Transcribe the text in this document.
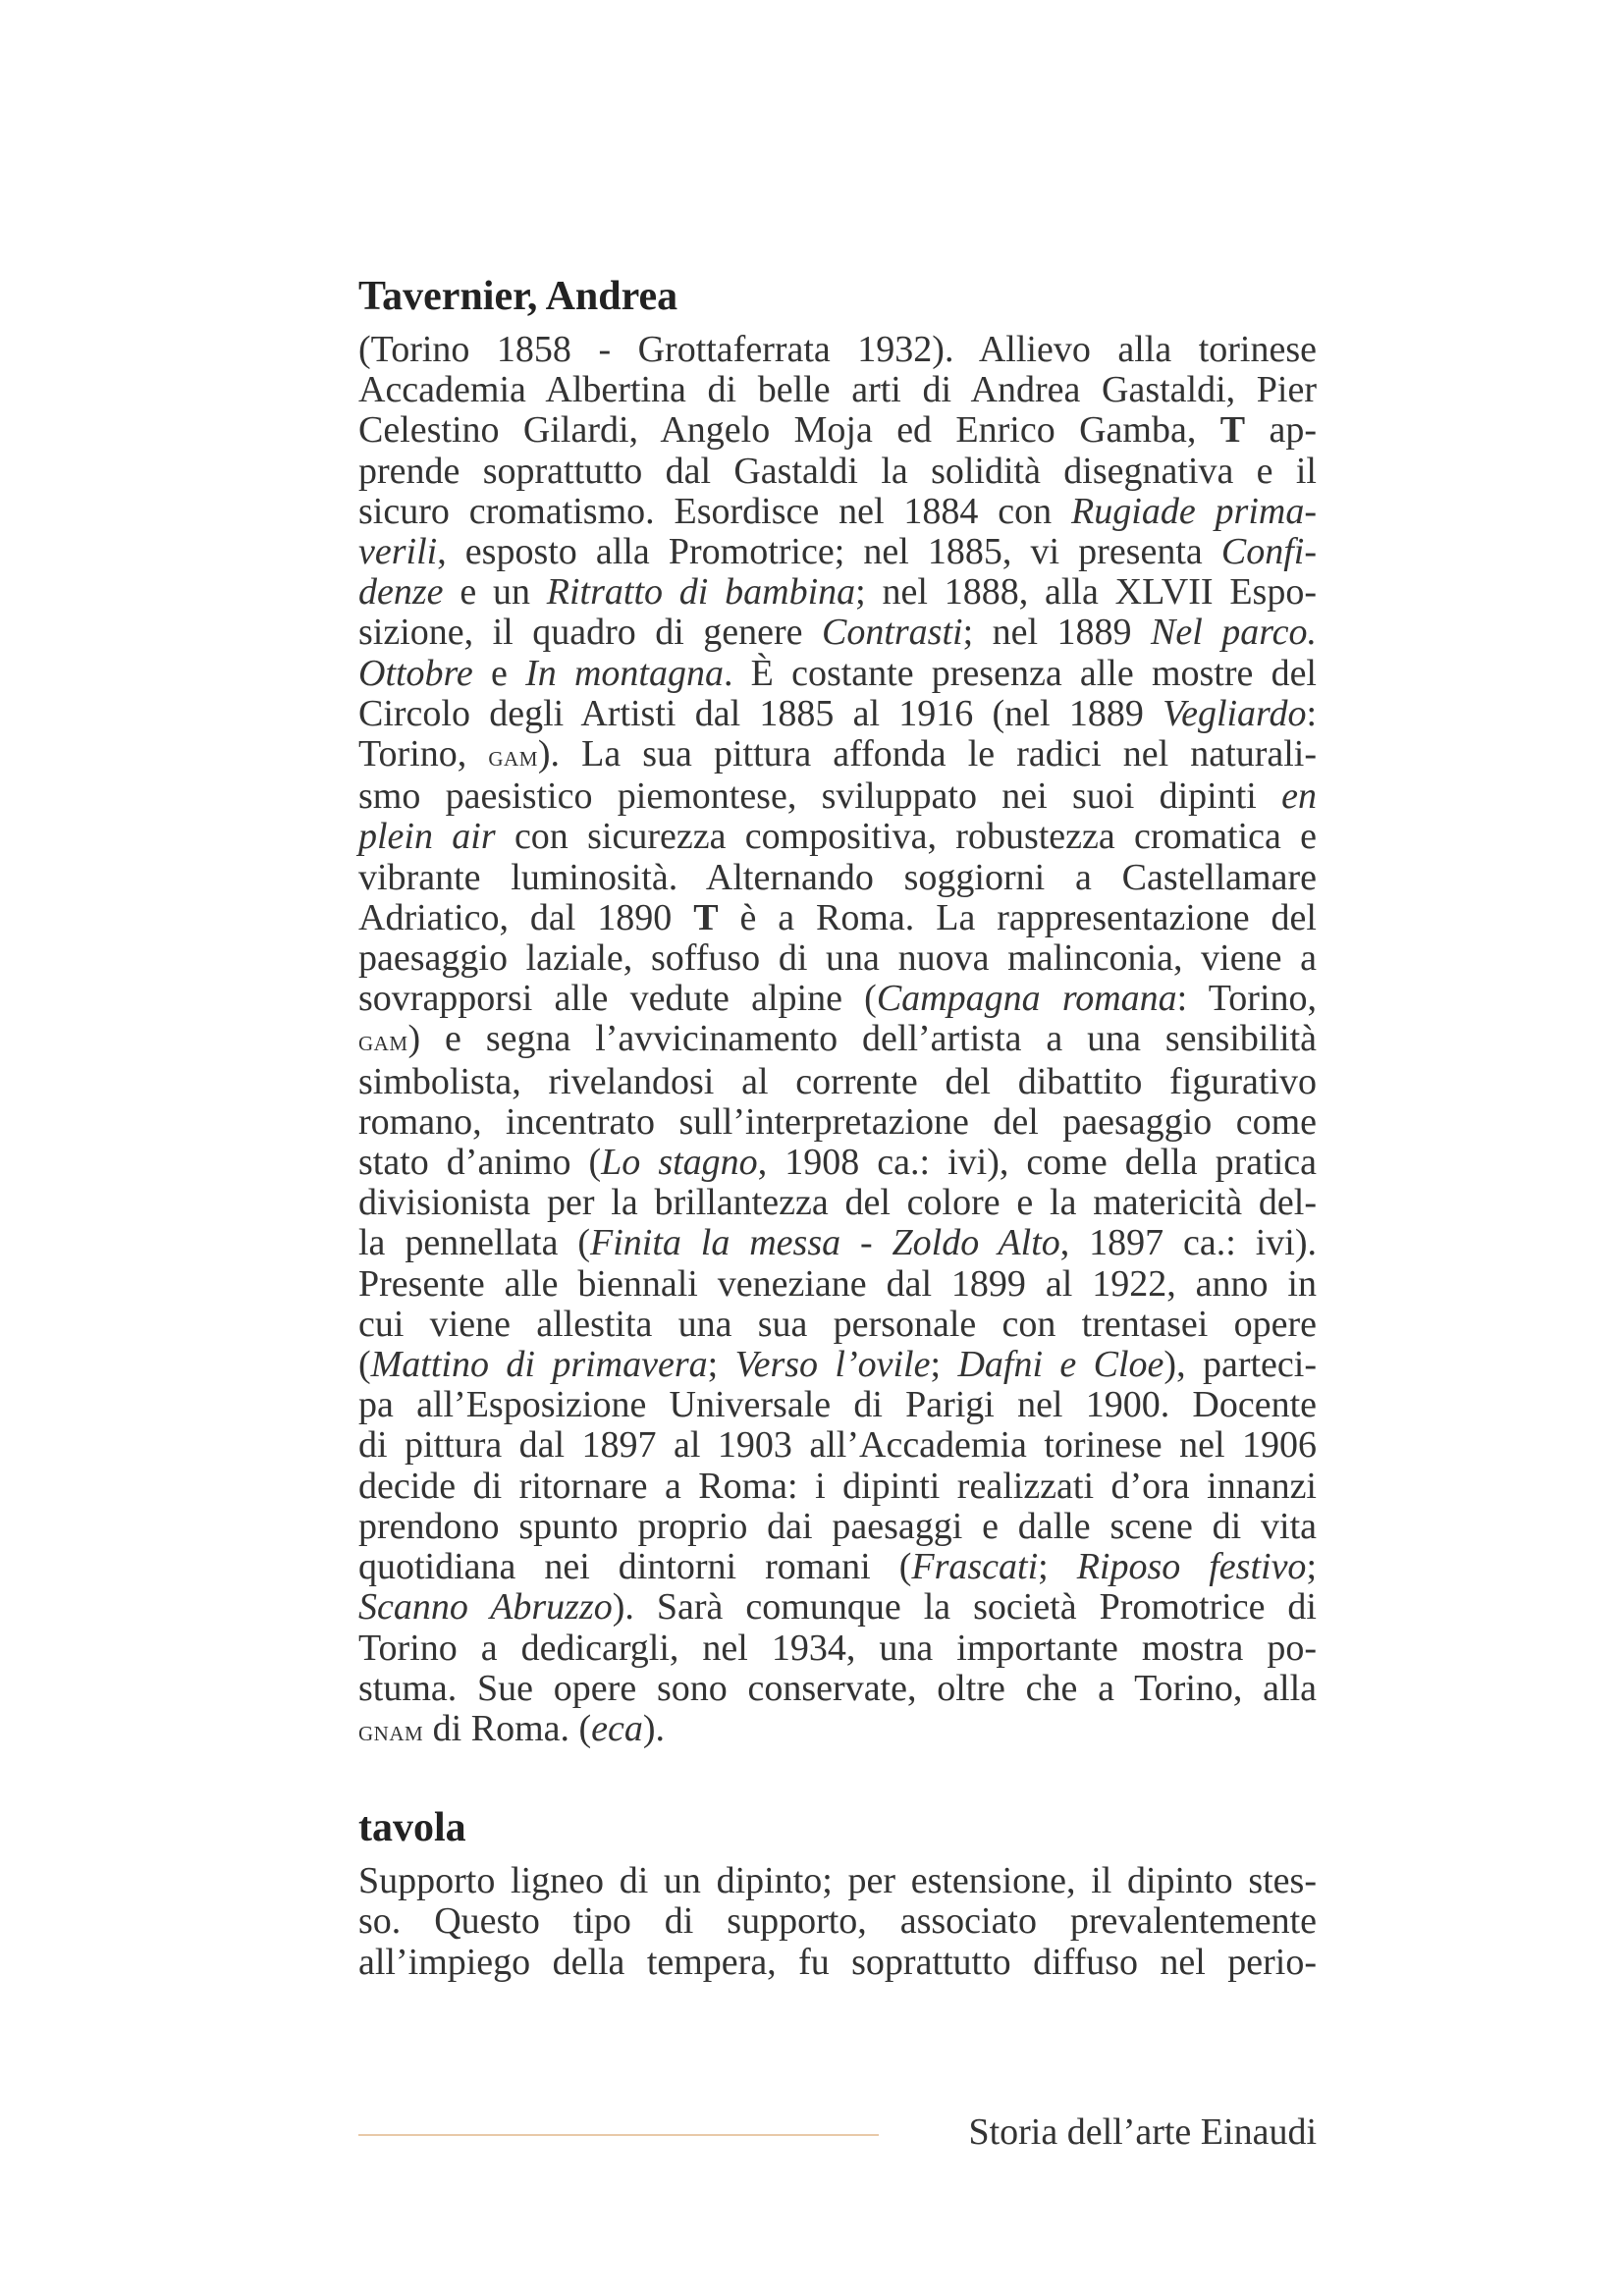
Tavernier, Andrea
(Torino 1858 - Grottaferrata 1932). Allievo alla torinese
Accademia Albertina di belle arti di Andrea Gastaldi, Pier
Celestino Gilardi, Angelo Moja ed Enrico Gamba, T ap-
prende soprattutto dal Gastaldi la solidità disegnativa e il
sicuro cromatismo. Esordisce nel 1884 con Rugiade prima-
verili, esposto alla Promotrice; nel 1885, vi presenta Confi-
denze e un Ritratto di bambina; nel 1888, alla XLVII Espo-
sizione, il quadro di genere Contrasti; nel 1889 Nel parco.
Ottobre e In montagna. È costante presenza alle mostre del
Circolo degli Artisti dal 1885 al 1916 (nel 1889 Vegliardo:
Torino, gam). La sua pittura affonda le radici nel naturali-
smo paesistico piemontese, sviluppato nei suoi dipinti en
plein air con sicurezza compositiva, robustezza cromatica e
vibrante luminosità. Alternando soggiorni a Castellamare
Adriatico, dal 1890 T è a Roma. La rappresentazione del
paesaggio laziale, soffuso di una nuova malinconia, viene a
sovrapporsi alle vedute alpine (Campagna romana: Torino,
gam) e segna l’avvicinamento dell’artista a una sensibilità
simbolista, rivelandosi al corrente del dibattito figurativo
romano, incentrato sull’interpretazione del paesaggio come
stato d’animo (Lo stagno, 1908 ca.: ivi), come della pratica
divisionista per la brillantezza del colore e la matericità del-
la pennellata (Finita la messa - Zoldo Alto, 1897 ca.: ivi).
Presente alle biennali veneziane dal 1899 al 1922, anno in
cui viene allestita una sua personale con trentasei opere
(Mattino di primavera; Verso l’ovile; Dafni e Cloe), parteci-
pa all’Esposizione Universale di Parigi nel 1900. Docente
di pittura dal 1897 al 1903 all’Accademia torinese nel 1906
decide di ritornare a Roma: i dipinti realizzati d’ora innanzi
prendono spunto proprio dai paesaggi e dalle scene di vita
quotidiana nei dintorni romani (Frascati; Riposo festivo;
Scanno Abruzzo). Sarà comunque la società Promotrice di
Torino a dedicargli, nel 1934, una importante mostra po-
stuma. Sue opere sono conservate, oltre che a Torino, alla
gnam di Roma. (eca).
tavola
Supporto ligneo di un dipinto; per estensione, il dipinto stes-
so. Questo tipo di supporto, associato prevalentemente
all’impiego della tempera, fu soprattutto diffuso nel perio-
Storia dell’arte Einaudi
